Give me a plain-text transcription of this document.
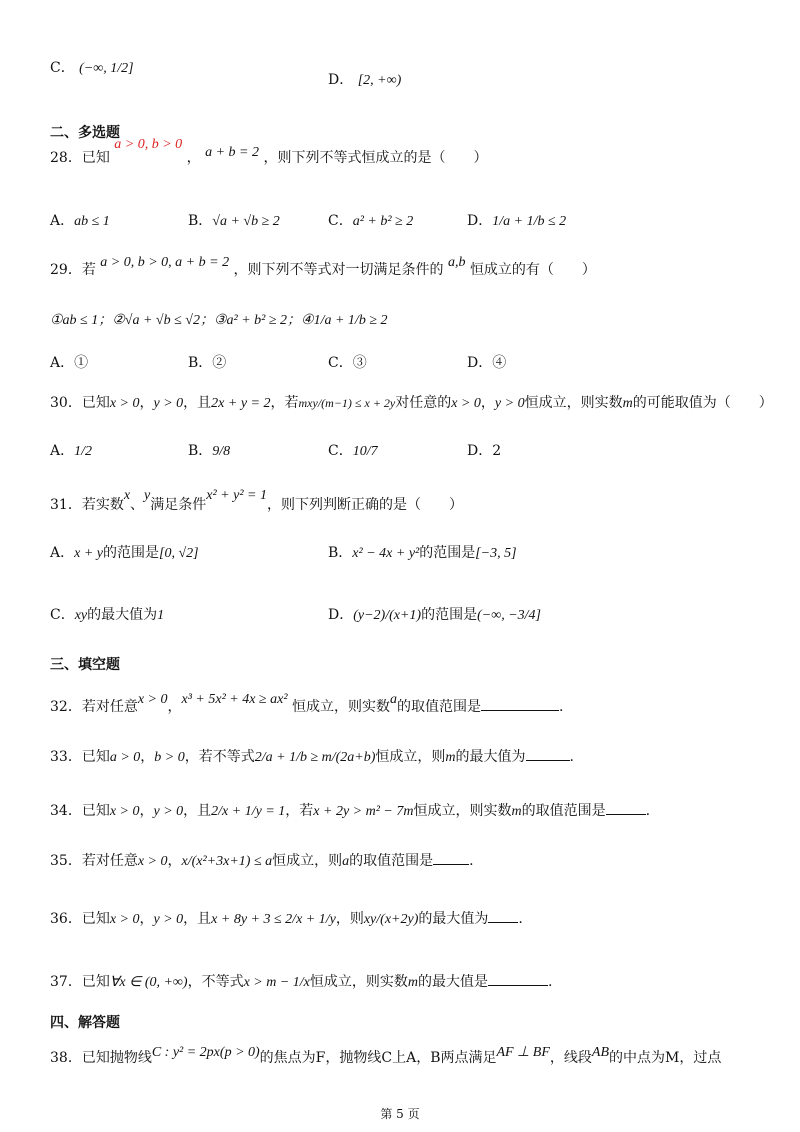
C． (−∞, 1/2]
D． [2, +∞)
二、多选题
28．已知 a > 0, b > 0 ， a + b = 2 ，则下列不等式恒成立的是（　　）
A．ab ≤ 1	B．√a + √b ≥ 2	C．a² + b² ≥ 2	D．1/a + 1/b ≤ 2
29．若 a > 0, b > 0, a + b = 2 ，则下列不等式对一切满足条件的 a,b 恒成立的有（　　）
①ab ≤ 1；②√a + √b ≤ √2；③a² + b² ≥ 2；④1/a + 1/b ≥ 2
A．①	B．②	C．③	D．④
30．已知x > 0，y > 0，且2x + y = 2，若mxy/(m−1) ≤ x + 2y对任意的x > 0，y > 0恒成立，则实数m的可能取值为（　　）
A．1/2	B．9/8	C．10/7	D．2
31．若实数x、y满足条件x² + y² = 1，则下列判断正确的是（　　）
A．x + y的范围是[0, √2]	B．x² − 4x + y²的范围是[−3, 5]
C．xy的最大值为1	D．(y−2)/(x+1)的范围是(−∞, −3/4]
三、填空题
32．若对任意x > 0，x³ + 5x² + 4x ≥ ax² 恒成立，则实数a的取值范围是	.
33．已知a > 0，b > 0，若不等式2/a + 1/b ≥ m/(2a+b)恒成立，则m的最大值为	.
34．已知x > 0，y > 0，且2/x + 1/y = 1，若x + 2y > m² − 7m恒成立，则实数m的取值范围是	.
35．若对任意x > 0，x/(x²+3x+1) ≤ a恒成立，则a的取值范围是	.
36．已知x > 0，y > 0，且x + 8y + 3 ≤ 2/x + 1/y，则xy/(x+2y)的最大值为 .
37．已知∀x ∈ (0, +∞)，不等式x > m − 1/x恒成立，则实数m的最大值是	.
四、解答题
38．已知抛物线C : y² = 2px(p > 0)的焦点为F，抛物线C上A，B两点满足AF ⊥ BF，线段AB的中点为M，过点
第 5 页
